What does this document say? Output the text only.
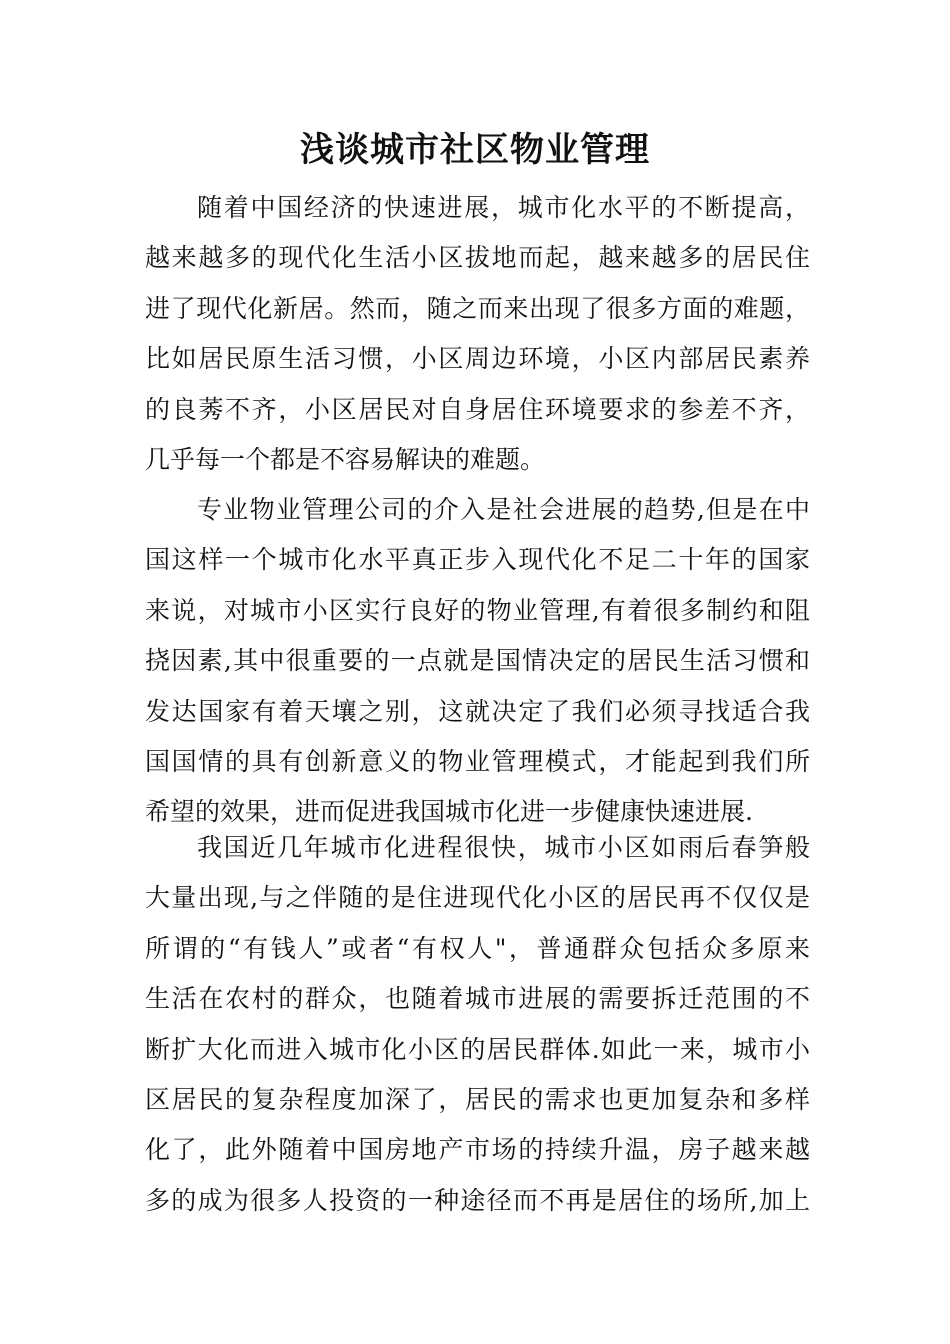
浅谈城市社区物业管理
随着中国经济的快速进展，城市化水平的不断提高，
越来越多的现代化生活小区拔地而起，越来越多的居民住
进了现代化新居。然而，随之而来出现了很多方面的难题，
比如居民原生活习惯，小区周边环境，小区内部居民素养
的良莠不齐，小区居民对自身居住环境要求的参差不齐，
几乎每一个都是不容易解诀的难题。
专业物业管理公司的介入是社会进展的趋势,但是在中
国这样一个城市化水平真正步入现代化不足二十年的国家
来说，对城市小区实行良好的物业管理,有着很多制约和阻
挠因素,其中很重要的一点就是国情决定的居民生活习惯和
发达国家有着天壤之别，这就决定了我们必须寻找适合我
国国情的具有创新意义的物业管理模式，才能起到我们所
希望的效果，进而促进我国城市化进一步健康快速进展.
我国近几年城市化进程很快，城市小区如雨后春笋般
大量出现,与之伴随的是住进现代化小区的居民再不仅仅是
所谓的“有钱人”或者“有权人"，普通群众包括众多原来
生活在农村的群众，也随着城市进展的需要拆迁范围的不
断扩大化而进入城市化小区的居民群体.如此一来，城市小
区居民的复杂程度加深了，居民的需求也更加复杂和多样
化了，此外随着中国房地产市场的持续升温，房子越来越
多的成为很多人投资的一种途径而不再是居住的场所,加上
